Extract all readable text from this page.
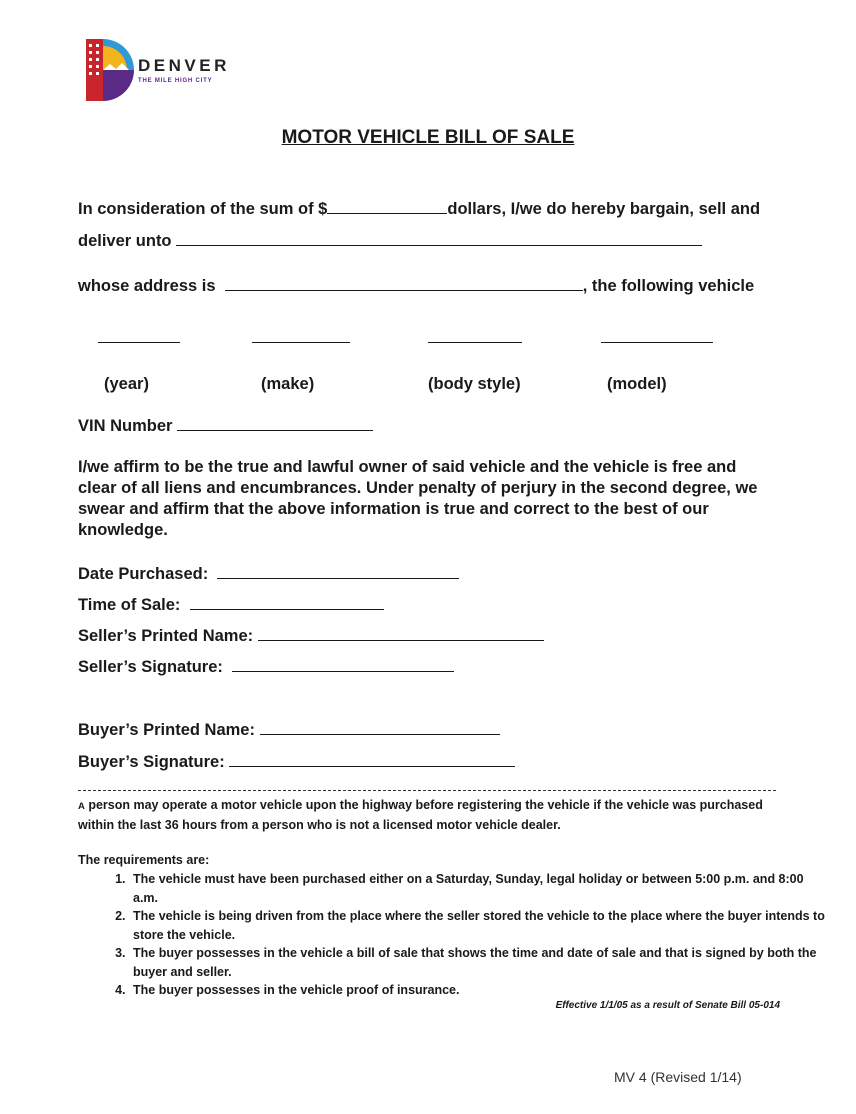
DENVER
THE MILE HIGH CITY
MOTOR VEHICLE BILL OF SALE
In consideration of the sum of $	dollars, I/we do hereby bargain, sell and
deliver unto
whose address is	, the following vehicle
(year)	(make)	(body style)	(model)
VIN Number
I/we affirm to be the true and lawful owner of said vehicle and the vehicle is free and clear of all liens and encumbrances. Under penalty of perjury in the second degree, we swear and affirm that the above information is true and correct to the best of our knowledge.
Date Purchased:
Time of Sale:
Seller’s Printed Name:
Seller’s Signature:
Buyer’s Printed Name:
Buyer’s Signature:
A person may operate a motor vehicle upon the highway before registering the vehicle if the vehicle was purchased within the last 36 hours from a person who is not a licensed motor vehicle dealer.
The requirements are:
1. The vehicle must have been purchased either on a Saturday, Sunday, legal holiday or between 5:00 p.m. and 8:00 a.m.
2. The vehicle is being driven from the place where the seller stored the vehicle to the place where the buyer intends to store the vehicle.
3. The buyer possesses in the vehicle a bill of sale that shows the time and date of sale and that is signed by both the buyer and seller.
4. The buyer possesses in the vehicle proof of insurance.
Effective 1/1/05 as a result of Senate Bill 05-014
MV 4 (Revised 1/14)
